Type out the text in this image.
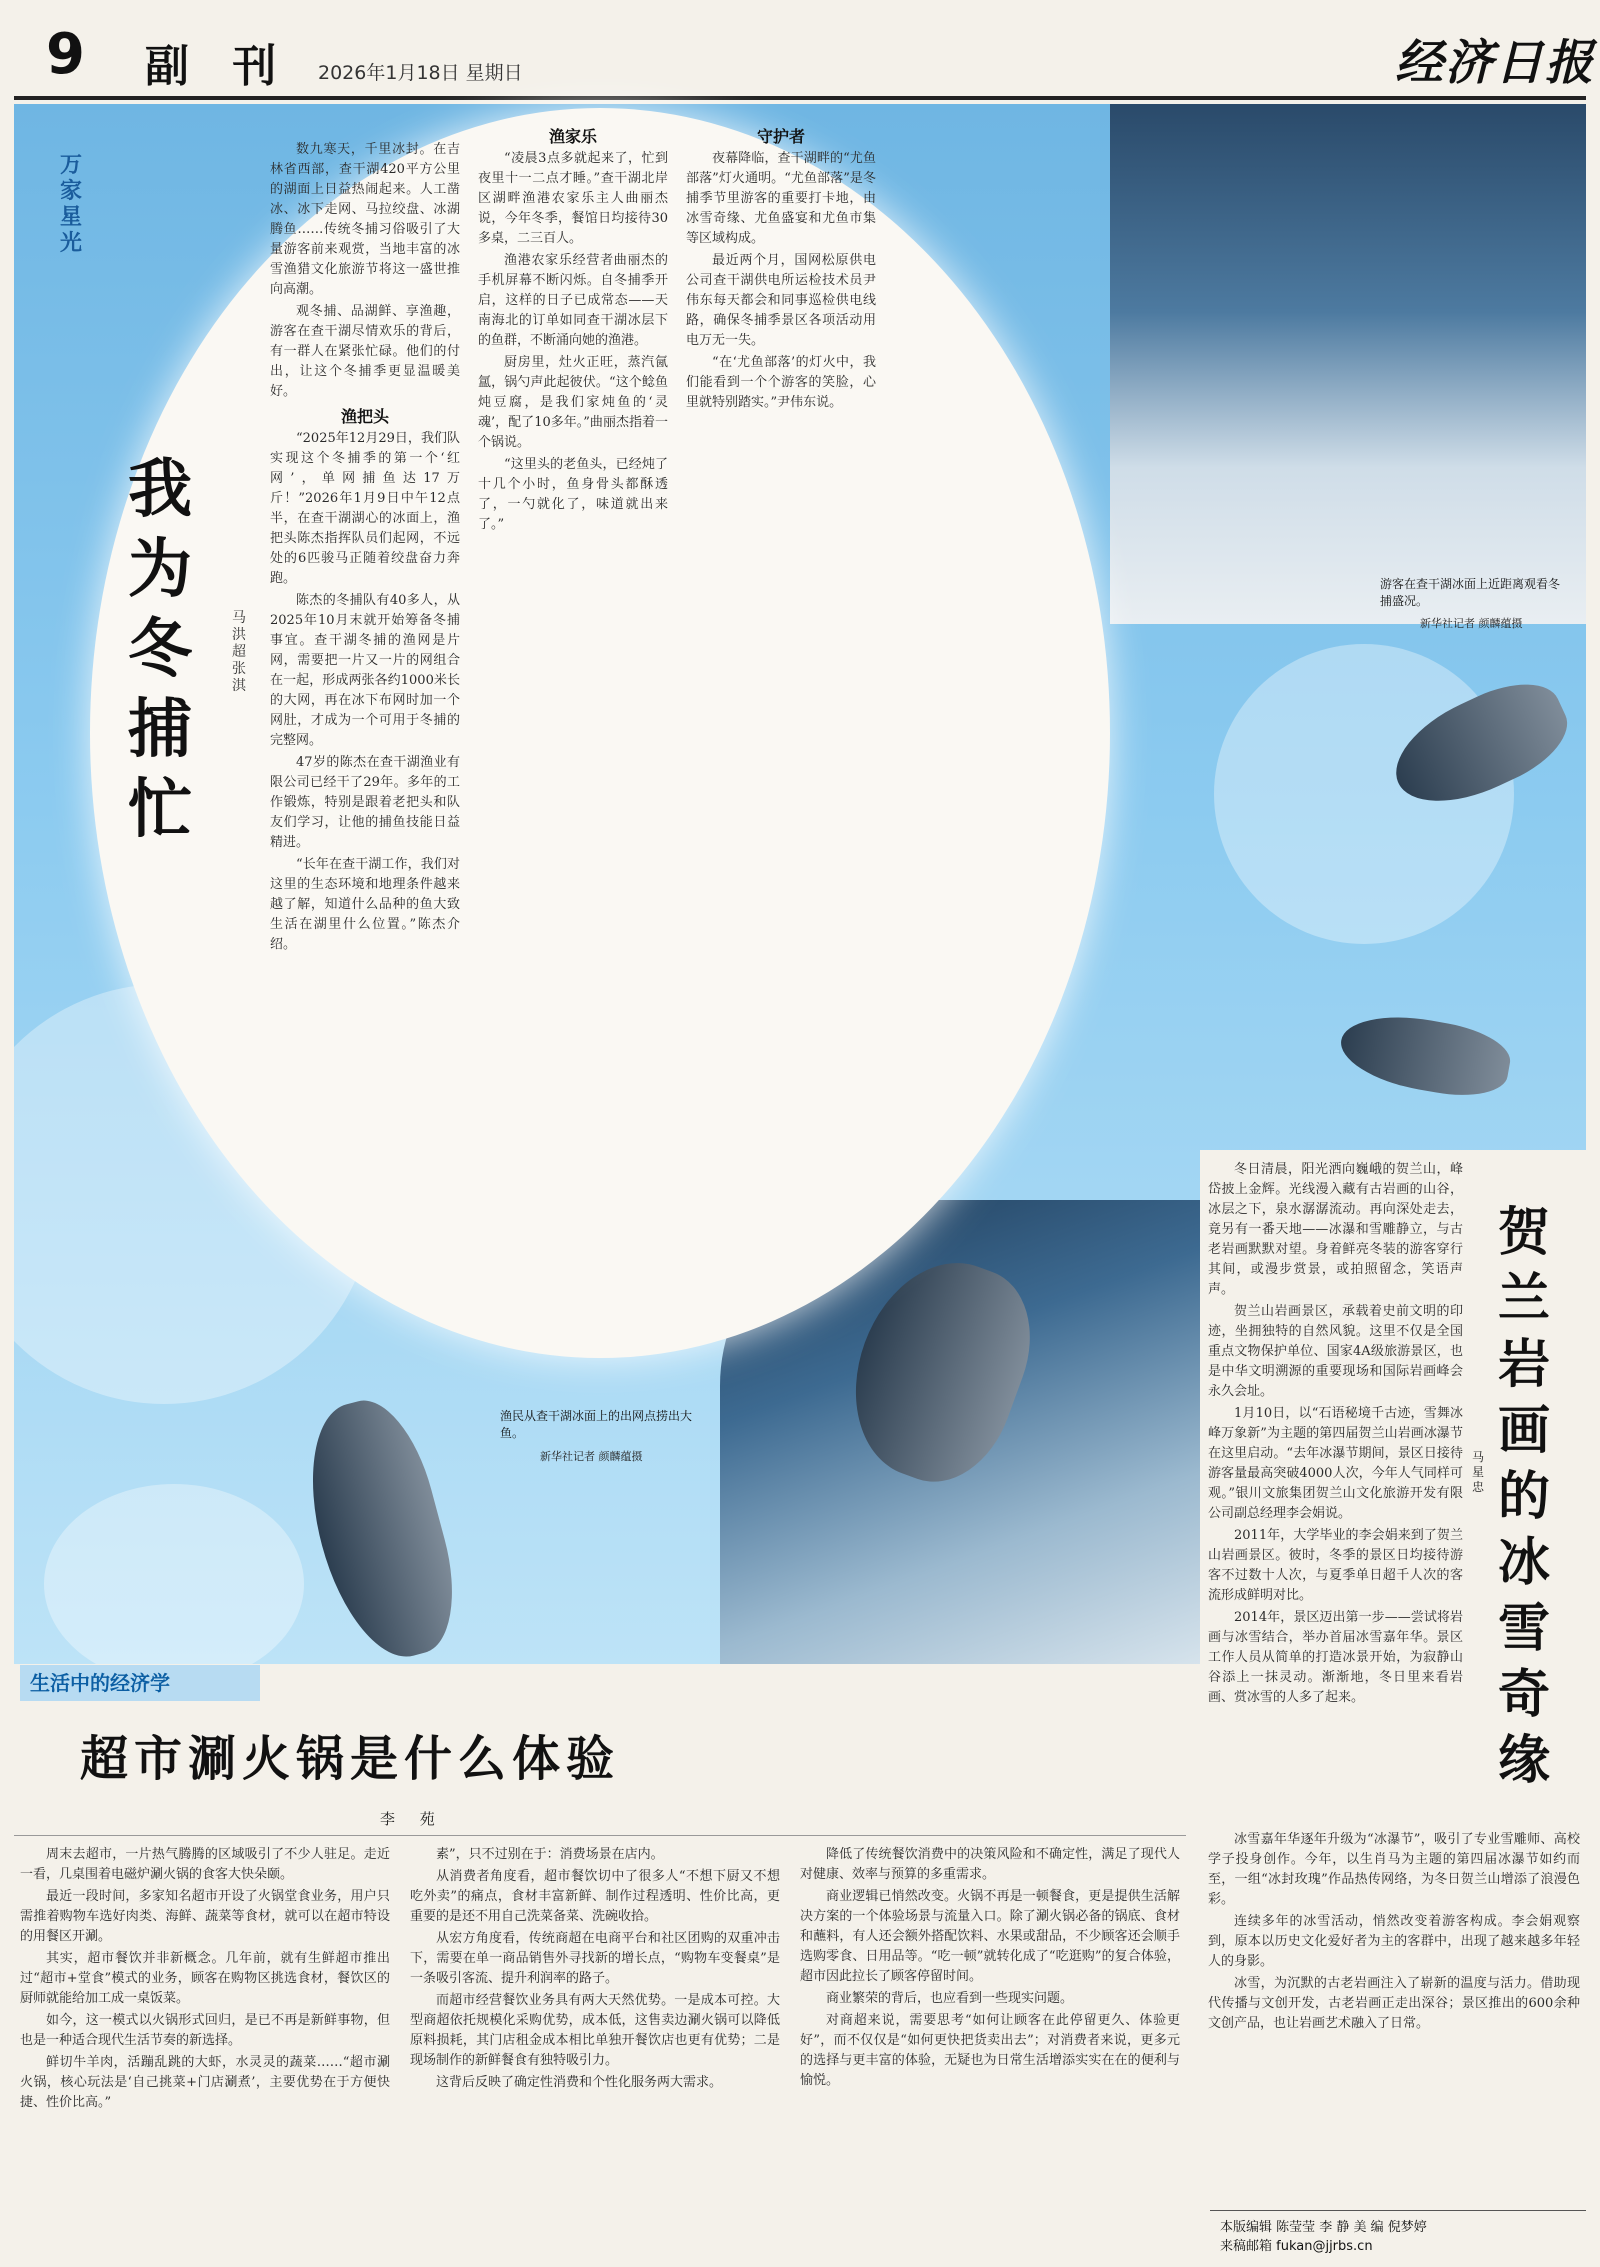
9 副 刊 2026年1月18日 星期日	经济日报
万家星光
我为冬捕忙
马洪超 张 淇

数九寒天，千里冰封。在吉林省西部，查干湖420平方公里的湖面上日益热闹起来。人工凿冰、冰下走网、马拉绞盘、冰湖腾鱼……传统冬捕习俗吸引了大量游客前来观赏，当地丰富的冰雪渔猎文化旅游节将这一盛世推向高潮。

观冬捕、品湖鲜、享渔趣，游客在查干湖尽情欢乐的背后，有一群人在紧张忙碌。他们的付出，让这个冬捕季更显温暖美好。

渔把头

“2025年12月29日，我们队实现这个冬捕季的第一个‘红网’，单网捕鱼达17万斤！”2026年1月9日中午12点半，在查干湖湖心的冰面上，渔把头陈杰指挥队员们起网，不远处的6匹骏马正随着绞盘奋力奔跑。

陈杰的冬捕队有40多人，从2025年10月末就开始筹备冬捕事宜。查干湖冬捕的渔网是片网，需要把一片又一片的网组合在一起，形成两张各约1000米长的大网，再在冰下布网时加一个网肚，才成为一个可用于冬捕的完整网。

47岁的陈杰在查干湖渔业有限公司已经干了29年。多年的工作锻炼，特别是跟着老把头和队友们学习，让他的捕鱼技能日益精进。

“长年在查干湖工作，我们对这里的生态环境和地理条件越来越了解，知道什么品种的鱼大致生活在湖里什么位置。”陈杰介绍。

渔家乐

“凌晨3点多就起来了，忙到夜里十一二点才睡。”查干湖北岸区湖畔渔港农家乐主人曲丽杰说，今年冬季，餐馆日均接待30多桌，二三百人。

渔港农家乐经营者曲丽杰的手机屏幕不断闪烁。自冬捕季开启，这样的日子已成常态——天南海北的订单如同查干湖冰层下的鱼群，不断涌向她的渔港。

厨房里，灶火正旺，蒸汽氤氲，锅勺声此起彼伏。“这个鲶鱼炖豆腐，是我们家炖鱼的‘灵魂’，配了10多年。”曲丽杰指着一个锅说。

“这里头的老鱼头，已经炖了十几个小时，鱼身骨头都酥透了，一勺就化了，味道就出来了。”

守护者

夜幕降临，查干湖畔的“尤鱼部落”灯火通明。“尤鱼部落”是冬捕季节里游客的重要打卡地，由冰雪奇缘、尤鱼盛宴和尤鱼市集等区域构成。

最近两个月，国网松原供电公司查干湖供电所运检技术员尹伟东每天都会和同事巡检供电线路，确保冬捕季景区各项活动用电万无一失。

“在‘尤鱼部落’的灯火中，我们能看到一个个游客的笑脸，心里就特别踏实。”尹伟东说。

游客在查干湖冰面上近距离观看冬捕盛况。
新华社记者 颜麟蕴摄
渔民从查干湖冰面上的出网点捞出大鱼。
新华社记者 颜麟蕴摄
贺兰岩画的冰雪奇缘
马星忠

冬日清晨，阳光洒向巍峨的贺兰山，峰岱披上金辉。光线漫入藏有古岩画的山谷，冰层之下，泉水潺潺流动。再向深处走去，竟另有一番天地——冰瀑和雪雕静立，与古老岩画默默对望。身着鲜亮冬装的游客穿行其间，或漫步赏景，或拍照留念，笑语声声。

贺兰山岩画景区，承载着史前文明的印迹，坐拥独特的自然风貌。这里不仅是全国重点文物保护单位、国家4A级旅游景区，也是中华文明溯源的重要现场和国际岩画峰会永久会址。

1月10日，以“石语秘境千古迹，雪舞冰峰万象新”为主题的第四届贺兰山岩画冰瀑节在这里启动。“去年冰瀑节期间，景区日接待游客量最高突破4000人次，今年人气同样可观。”银川文旅集团贺兰山文化旅游开发有限公司副总经理李会娟说。

2011年，大学毕业的李会娟来到了贺兰山岩画景区。彼时，冬季的景区日均接待游客不过数十人次，与夏季单日超千人次的客流形成鲜明对比。

2014年，景区迈出第一步——尝试将岩画与冰雪结合，举办首届冰雪嘉年华。景区工作人员从简单的打造冰景开始，为寂静山谷添上一抹灵动。渐渐地，冬日里来看岩画、赏冰雪的人多了起来。

冰雪嘉年华逐年升级为“冰瀑节”，吸引了专业雪雕师、高校学子投身创作。今年，以生肖马为主题的第四届冰瀑节如约而至，一组“冰封玫瑰”作品热传网络，为冬日贺兰山增添了浪漫色彩。

连续多年的冰雪活动，悄然改变着游客构成。李会娟观察到，原本以历史文化爱好者为主的客群中，出现了越来越多年轻人的身影。

冰雪，为沉默的古老岩画注入了崭新的温度与活力。借助现代传播与文创开发，古老岩画正走出深谷；景区推出的600余种文创产品，也让岩画艺术融入了日常。

生活中的经济学
超市涮火锅是什么体验
李 苑

周末去超市，一片热气腾腾的区域吸引了不少人驻足。走近一看，几桌围着电磁炉涮火锅的食客大快朵颐。

最近一段时间，多家知名超市开设了火锅堂食业务，用户只需推着购物车选好肉类、海鲜、蔬菜等食材，就可以在超市特设的用餐区开涮。

其实，超市餐饮并非新概念。几年前，就有生鲜超市推出过“超市+堂食”模式的业务，顾客在购物区挑选食材，餐饮区的厨师就能给加工成一桌饭菜。

如今，这一模式以火锅形式回归，是已不再是新鲜事物，但也是一种适合现代生活节奏的新选择。

鲜切牛羊肉，活蹦乱跳的大虾，水灵灵的蔬菜……“超市涮火锅，核心玩法是‘自己挑菜+门店涮煮’，主要优势在于方便快捷、性价比高。”

素”，只不过别在于：消费场景在店内。

从消费者角度看，超市餐饮切中了很多人“不想下厨又不想吃外卖”的痛点，食材丰富新鲜、制作过程透明、性价比高，更重要的是还不用自己洗菜备菜、洗碗收拾。

从宏方角度看，传统商超在电商平台和社区团购的双重冲击下，需要在单一商品销售外寻找新的增长点，“购物车变餐桌”是一条吸引客流、提升利润率的路子。

而超市经营餐饮业务具有两大天然优势。一是成本可控。大型商超依托规模化采购优势，成本低，这售卖边涮火锅可以降低原料损耗，其门店租金成本相比单独开餐饮店也更有优势；二是现场制作的新鲜餐食有独特吸引力。

这背后反映了确定性消费和个性化服务两大需求。

降低了传统餐饮消费中的决策风险和不确定性，满足了现代人对健康、效率与预算的多重需求。

商业逻辑已悄然改变。火锅不再是一顿餐食，更是提供生活解决方案的一个体验场景与流量入口。除了涮火锅必备的锅底、食材和蘸料，有人还会额外搭配饮料、水果或甜品，不少顾客还会顺手选购零食、日用品等。“吃一顿”就转化成了“吃逛购”的复合体验，超市因此拉长了顾客停留时间。

商业繁荣的背后，也应看到一些现实问题。

对商超来说，需要思考“如何让顾客在此停留更久、体验更好”，而不仅仅是“如何更快把货卖出去”；对消费者来说，更多元的选择与更丰富的体验，无疑也为日常生活增添实实在在的便利与愉悦。

本版编辑 陈莹莹 李 静 美 编 倪梦婷
来稿邮箱 fukan@jjrbs.cn
